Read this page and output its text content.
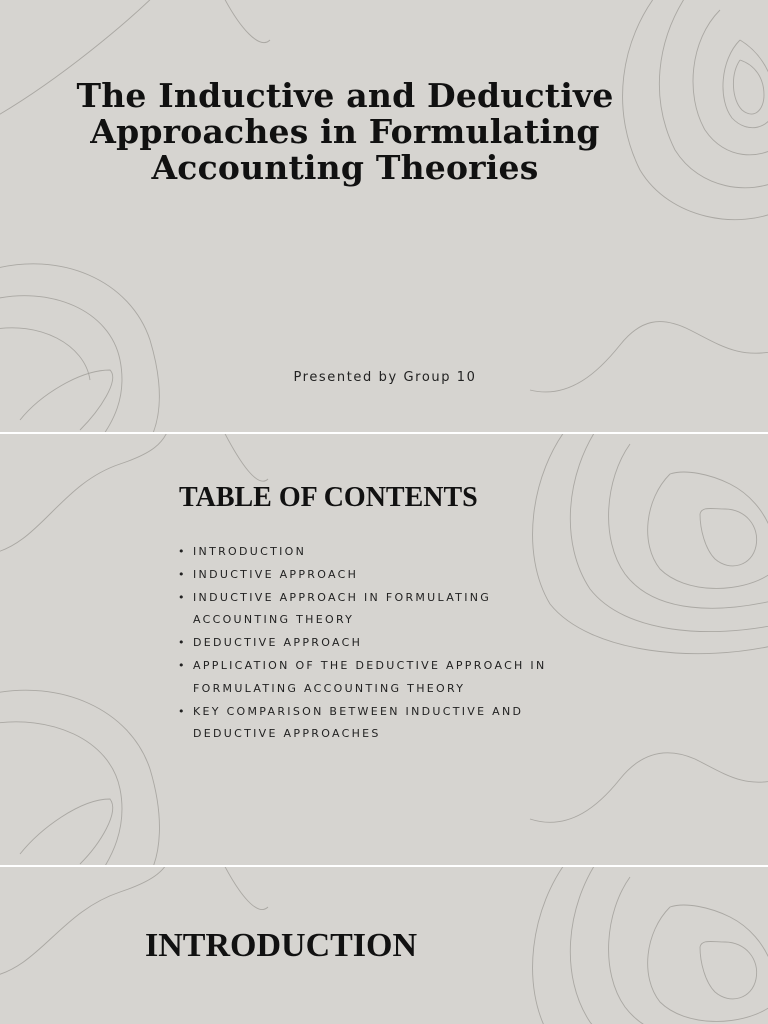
The Inductive and Deductive Approaches in Formulating Accounting Theories
Presented by Group 10
TABLE OF CONTENTS
• INTRODUCTION
• INDUCTIVE APPROACH
• INDUCTIVE APPROACH IN FORMULATING ACCOUNTING THEORY
• DEDUCTIVE APPROACH
• APPLICATION OF THE DEDUCTIVE APPROACH IN FORMULATING ACCOUNTING THEORY
• KEY COMPARISON BETWEEN INDUCTIVE AND DEDUCTIVE APPROACHES
INTRODUCTION
